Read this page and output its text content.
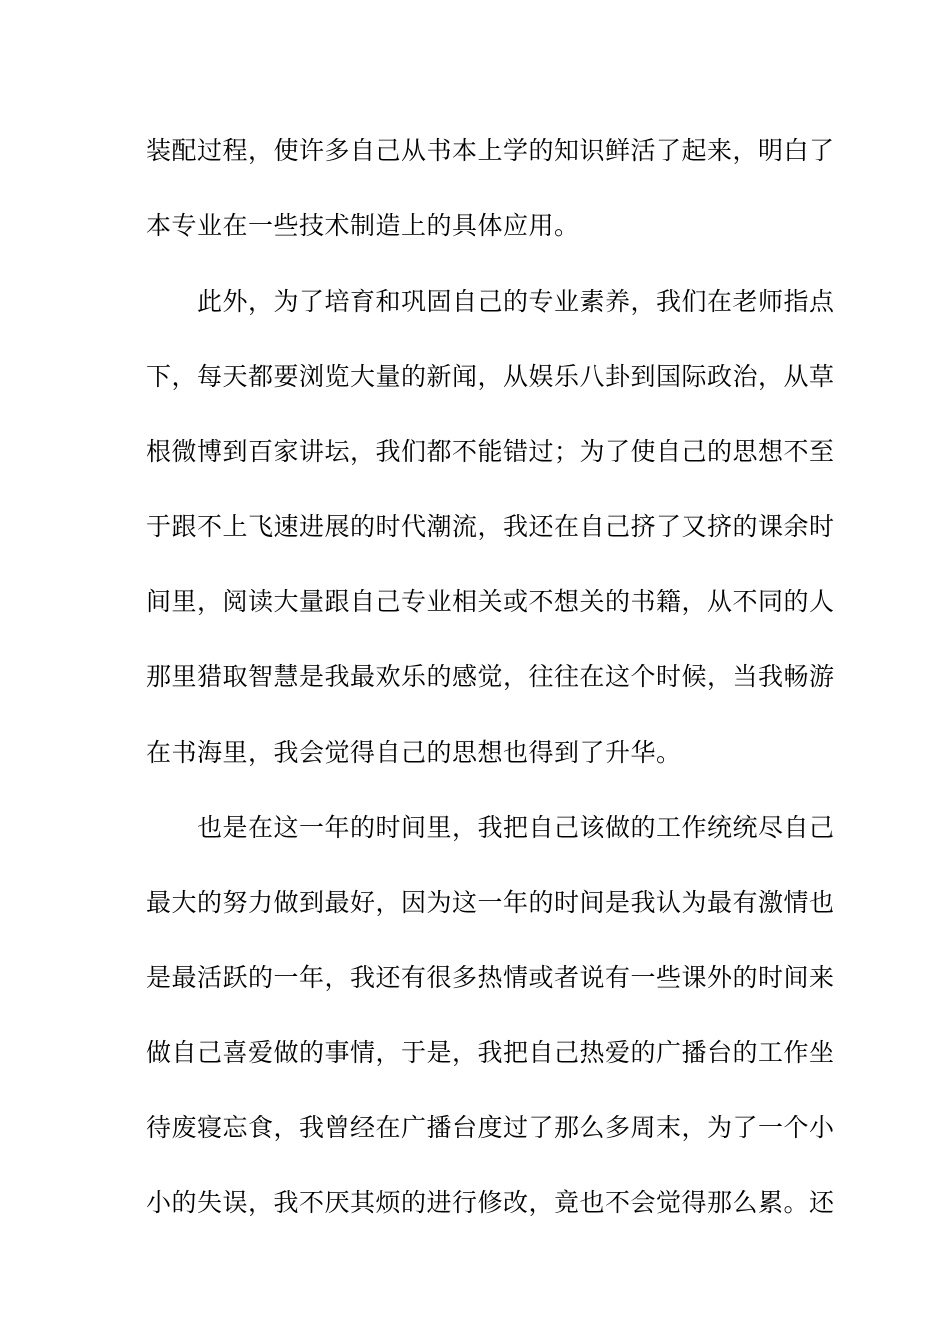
装配过程，使许多自己从书本上学的知识鲜活了起来，明白了
本专业在一些技术制造上的具体应用。
　　此外，为了培育和巩固自己的专业素养，我们在老师指点
下，每天都要浏览大量的新闻，从娱乐八卦到国际政治，从草
根微博到百家讲坛，我们都不能错过；为了使自己的思想不至
于跟不上飞速进展的时代潮流，我还在自己挤了又挤的课余时
间里，阅读大量跟自己专业相关或不想关的书籍，从不同的人
那里猎取智慧是我最欢乐的感觉，往往在这个时候，当我畅游
在书海里，我会觉得自己的思想也得到了升华。
　　也是在这一年的时间里，我把自己该做的工作统统尽自己
最大的努力做到最好，因为这一年的时间是我认为最有激情也
是最活跃的一年，我还有很多热情或者说有一些课外的时间来
做自己喜爱做的事情，于是，我把自己热爱的广播台的工作坐
待废寝忘食，我曾经在广播台度过了那么多周末，为了一个小
小的失误，我不厌其烦的进行修改，竟也不会觉得那么累。还
